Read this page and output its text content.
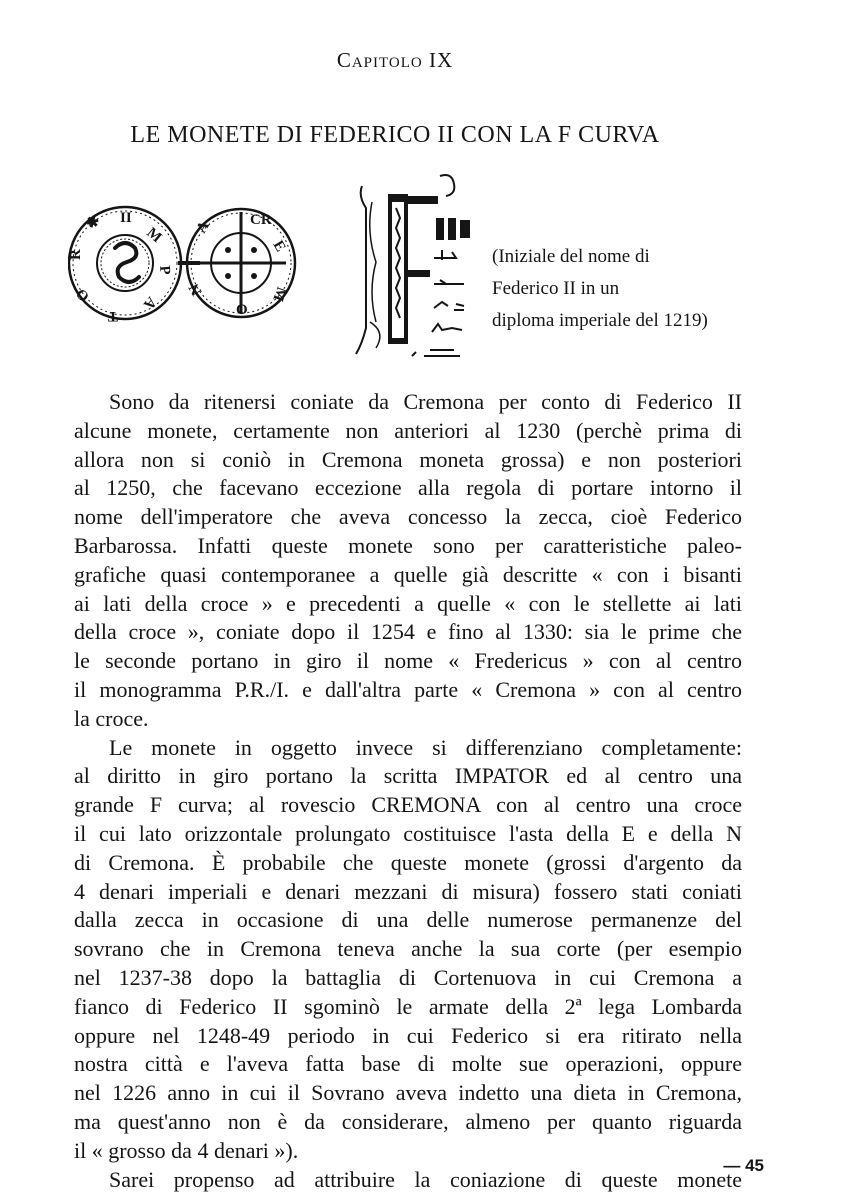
Capitolo IX
LE MONETE DI FEDERICO II CON LA F CURVA
II
M
P
A
T
O
R
✱	CR
E
M
O
N
A
(Iniziale del nome di
Federico II in un
diploma imperiale del 1219)
Sono da ritenersi coniate da Cremona per conto di Federico II
alcune monete, certamente non anteriori al 1230 (perchè prima di
allora non si coniò in Cremona moneta grossa) e non posteriori
al 1250, che facevano eccezione alla regola di portare intorno il
nome dell'imperatore che aveva concesso la zecca, cioè Federico
Barbarossa. Infatti queste monete sono per caratteristiche paleo-
grafiche quasi contemporanee a quelle già descritte « con i bisanti
ai lati della croce » e precedenti a quelle « con le stellette ai lati
della croce », coniate dopo il 1254 e fino al 1330: sia le prime che
le seconde portano in giro il nome « Fredericus » con al centro
il monogramma P.R./I. e dall'altra parte « Cremona » con al centro
la croce.
Le monete in oggetto invece si differenziano completamente:
al diritto in giro portano la scritta IMPATOR ed al centro una
grande F curva; al rovescio CREMONA con al centro una croce
il cui lato orizzontale prolungato costituisce l'asta della E e della N
di Cremona. È probabile che queste monete (grossi d'argento da
4 denari imperiali e denari mezzani di misura) fossero stati coniati
dalla zecca in occasione di una delle numerose permanenze del
sovrano che in Cremona teneva anche la sua corte (per esempio
nel 1237-38 dopo la battaglia di Cortenuova in cui Cremona a
fianco di Federico II sgominò le armate della 2ª lega Lombarda
oppure nel 1248-49 periodo in cui Federico si era ritirato nella
nostra città e l'aveva fatta base di molte sue operazioni, oppure
nel 1226 anno in cui il Sovrano aveva indetto una dieta in Cremona,
ma quest'anno non è da considerare, almeno per quanto riguarda
il « grosso da 4 denari »).
Sarei propenso ad attribuire la coniazione di queste monete
— 45
